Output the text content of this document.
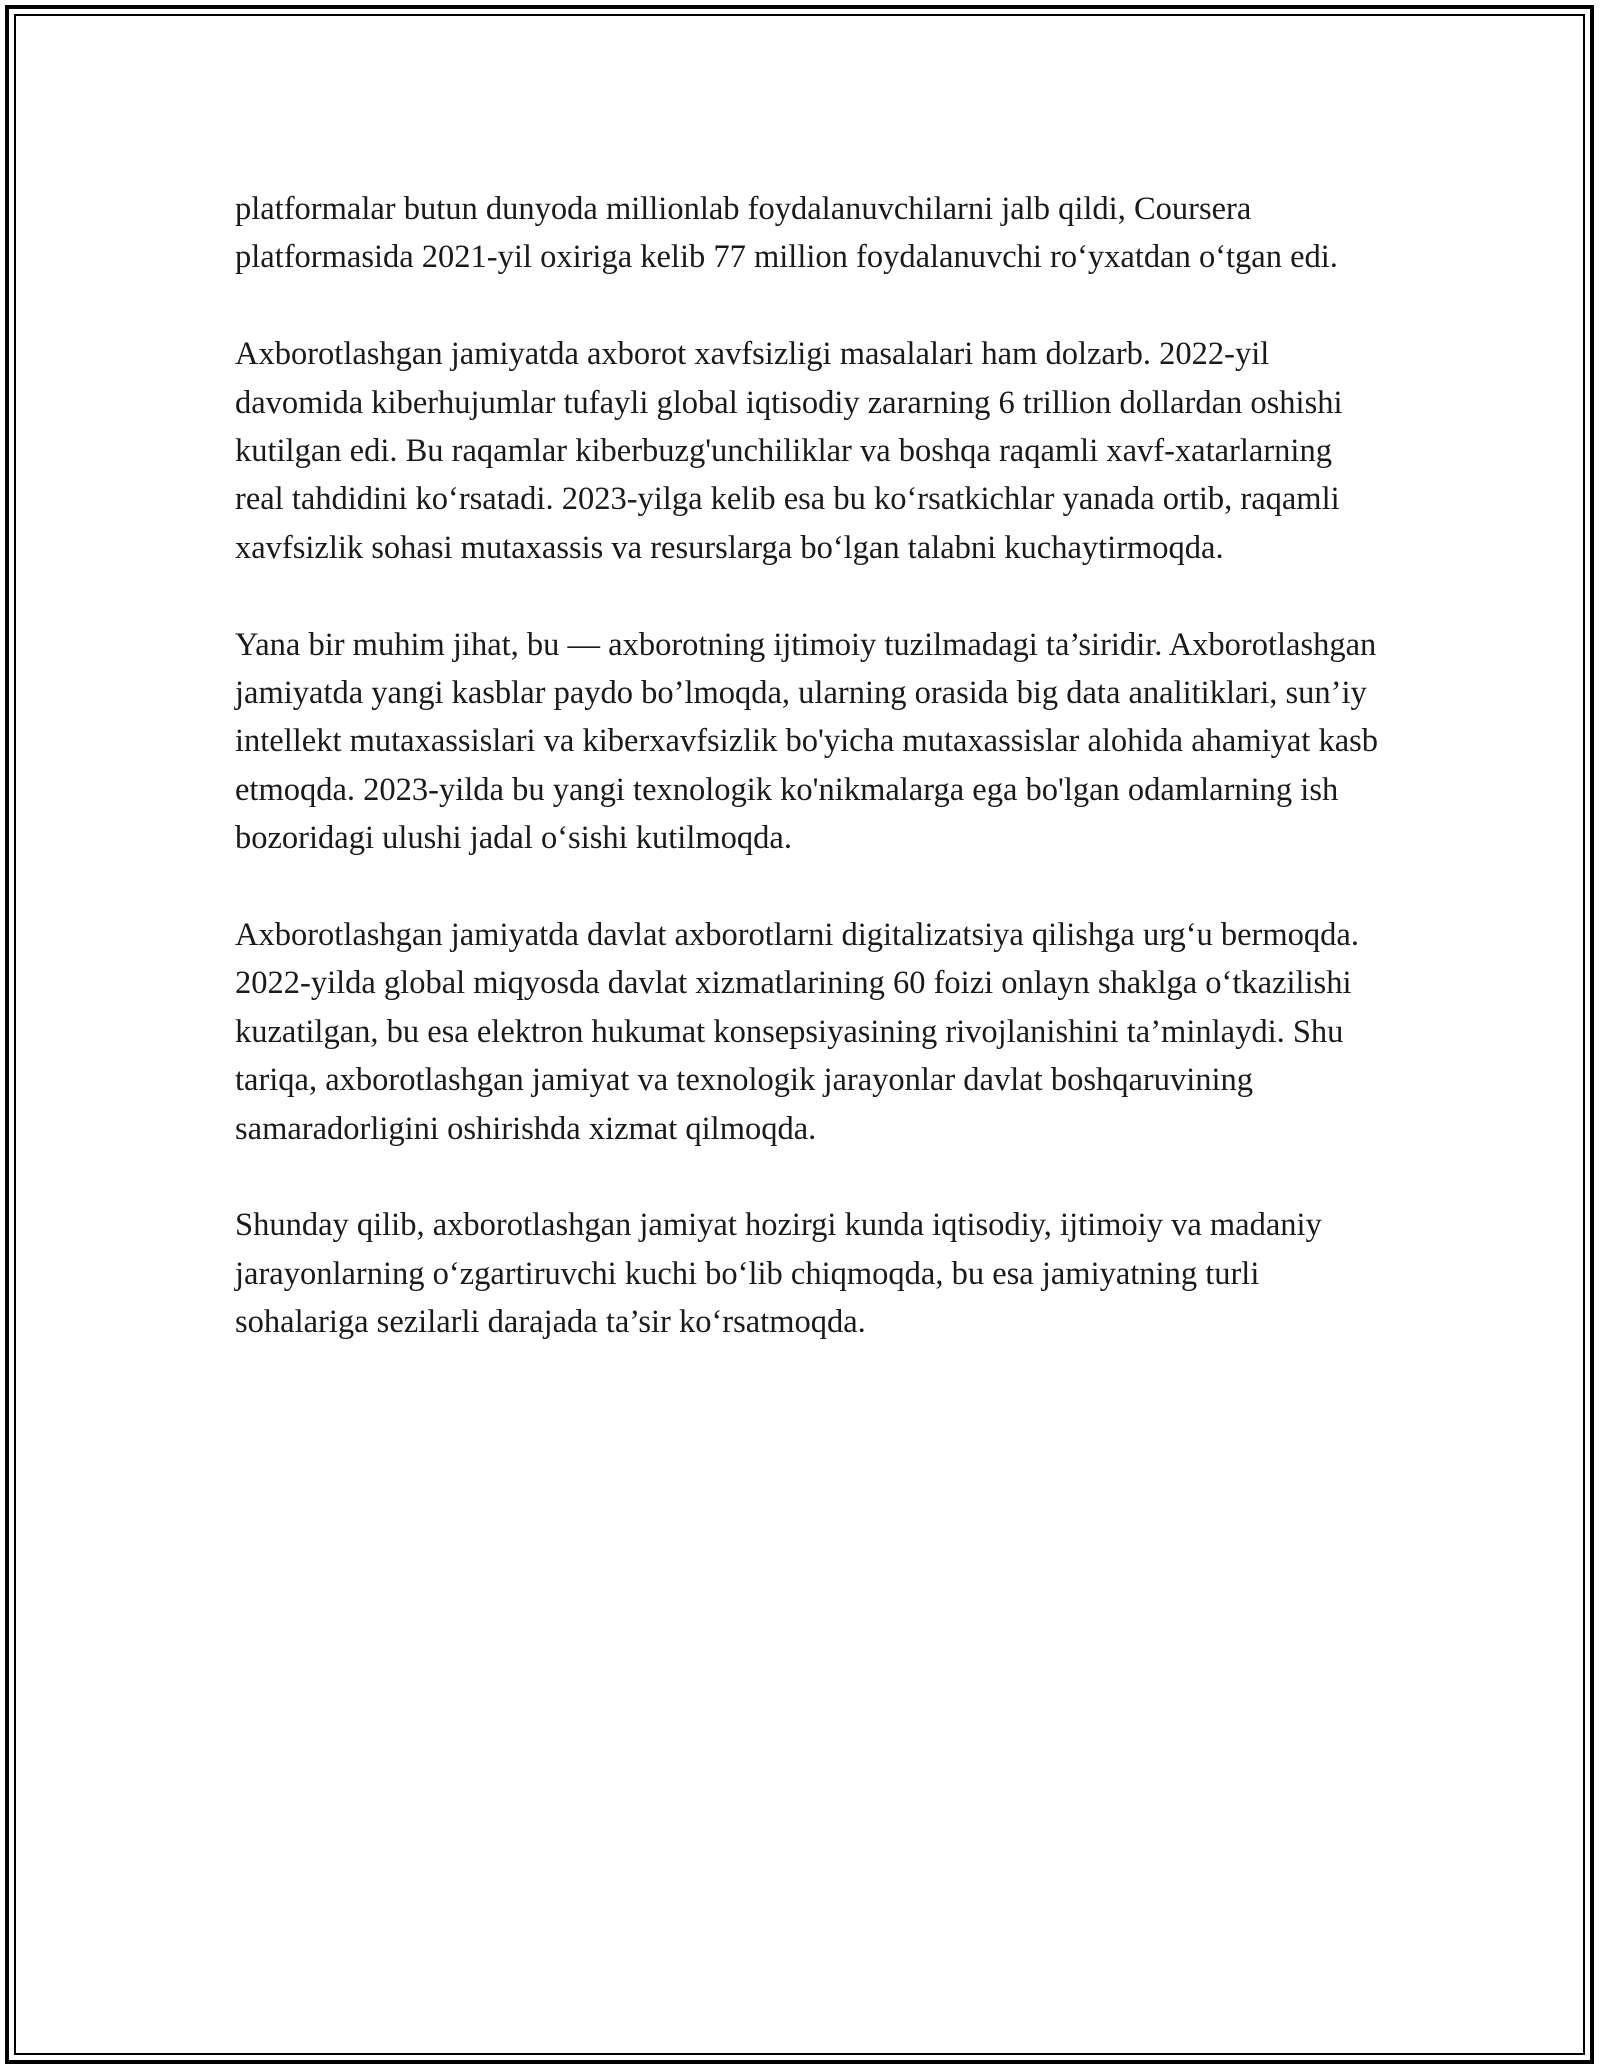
platformalar butun dunyoda millionlab foydalanuvchilarni jalb qildi, Coursera platformasida 2021-yil oxiriga kelib 77 million foydalanuvchi ro‘yxatdan o‘tgan edi.

Axborotlashgan jamiyatda axborot xavfsizligi masalalari ham dolzarb. 2022-yil davomida kiberhujumlar tufayli global iqtisodiy zararning 6 trillion dollardan oshishi kutilgan edi. Bu raqamlar kiberbuzg'unchiliklar va boshqa raqamli xavf-xatarlarning real tahdidini ko‘rsatadi. 2023-yilga kelib esa bu ko‘rsatkichlar yanada ortib, raqamli xavfsizlik sohasi mutaxassis va resurslarga bo‘lgan talabni kuchaytirmoqda.

Yana bir muhim jihat, bu — axborotning ijtimoiy tuzilmadagi ta’siridir. Axborotlashgan jamiyatda yangi kasblar paydo bo’lmoqda, ularning orasida big data analitiklari, sun’iy intellekt mutaxassislari va kiberxavfsizlik bo'yicha mutaxassislar alohida ahamiyat kasb etmoqda. 2023-yilda bu yangi texnologik ko'nikmalarga ega bo'lgan odamlarning ish bozoridagi ulushi jadal o‘sishi kutilmoqda.

Axborotlashgan jamiyatda davlat axborotlarni digitalizatsiya qilishga urg‘u bermoqda. 2022-yilda global miqyosda davlat xizmatlarining 60 foizi onlayn shaklga o‘tkazilishi kuzatilgan, bu esa elektron hukumat konsepsiyasining rivojlanishini ta’minlaydi. Shu tariqa, axborotlashgan jamiyat va texnologik jarayonlar davlat boshqaruvining samaradorligini oshirishda xizmat qilmoqda.

Shunday qilib, axborotlashgan jamiyat hozirgi kunda iqtisodiy, ijtimoiy va madaniy jarayonlarning o‘zgartiruvchi kuchi bo‘lib chiqmoqda, bu esa jamiyatning turli sohalariga sezilarli darajada ta’sir ko‘rsatmoqda.
